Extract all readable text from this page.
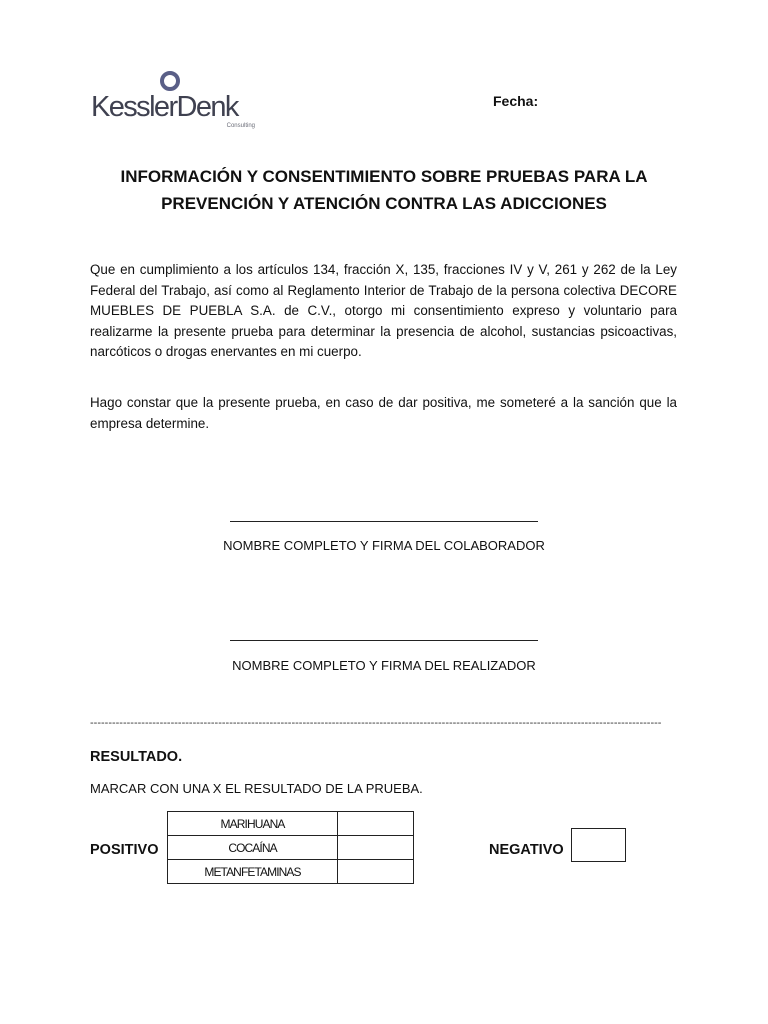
KesslerDenk
Consulting
Fecha:
INFORMACIÓN Y CONSENTIMIENTO SOBRE PRUEBAS PARA LA
PREVENCIÓN Y ATENCIÓN CONTRA LAS ADICCIONES
Que en cumplimiento a los artículos 134, fracción X, 135, fracciones IV y V, 261 y 262 de la Ley Federal del Trabajo, así como al Reglamento Interior de Trabajo de la persona colectiva DECORE MUEBLES DE PUEBLA S.A. de C.V., otorgo mi consentimiento expreso y voluntario para realizarme la presente prueba para determinar la presencia de alcohol, sustancias psicoactivas, narcóticos o drogas enervantes en mi cuerpo.
Hago constar que la presente prueba, en caso de dar positiva, me someteré a la sanción que la empresa determine.
NOMBRE COMPLETO Y FIRMA DEL COLABORADOR
NOMBRE COMPLETO Y FIRMA DEL REALIZADOR
------------------------------------------------------------------------------------------------------------------------------------------------------------
RESULTADO.
MARCAR CON UNA X EL RESULTADO DE LA PRUEBA.
POSITIVO
MARIHUANA	
COCAÍNA	
METANFETAMINAS	
NEGATIVO
